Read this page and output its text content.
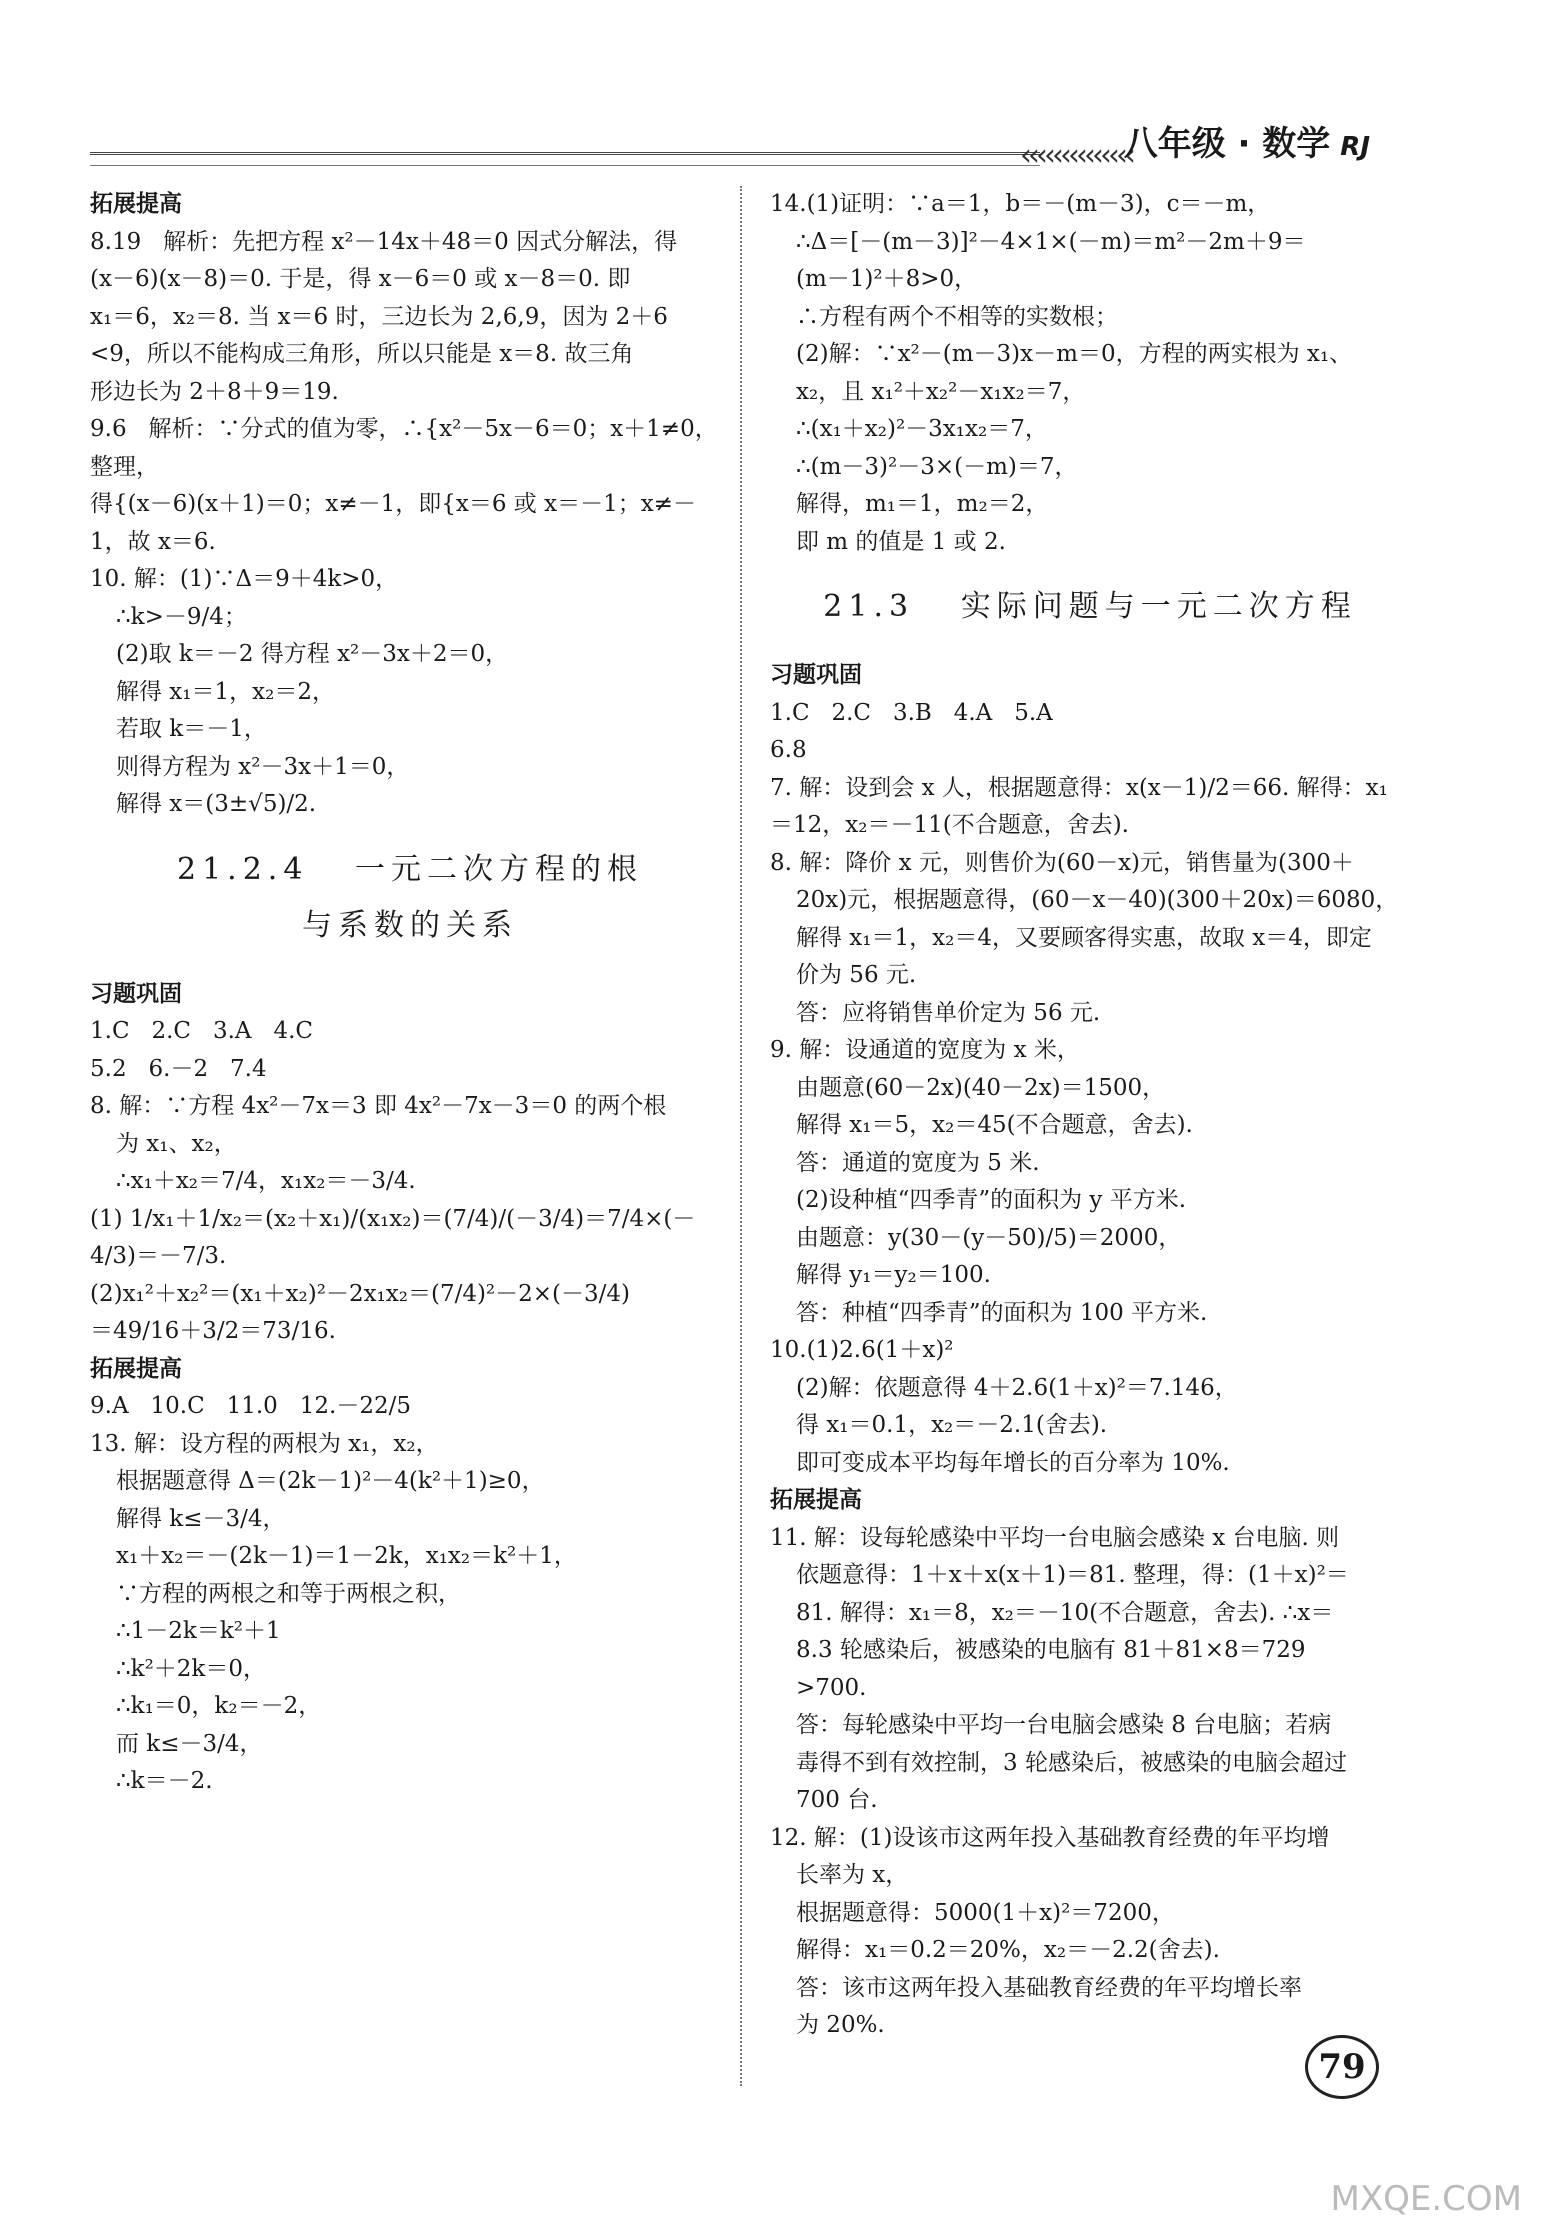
‹‹‹‹‹‹‹‹‹‹‹‹‹‹
八年级 · 数学 RJ
拓展提高
8.19   解析：先把方程 x²－14x＋48＝0 因式分解法，得
(x－6)(x－8)＝0. 于是，得 x－6＝0 或 x－8＝0. 即
x₁＝6，x₂＝8. 当 x＝6 时，三边长为 2,6,9，因为 2＋6
<9，所以不能构成三角形，所以只能是 x＝8. 故三角
形边长为 2＋8＋9＝19.
9.6   解析：∵分式的值为零，∴{x²－5x－6＝0；x＋1≠0，整理，
得{(x－6)(x＋1)＝0；x≠－1，即{x＝6 或 x＝－1；x≠－1，故 x＝6.
10. 解：(1)∵Δ＝9＋4k>0，
∴k>－9/4；
(2)取 k＝－2 得方程 x²－3x＋2＝0，
解得 x₁＝1，x₂＝2，
若取 k＝－1，
则得方程为 x²－3x＋1＝0，
解得 x＝(3±√5)/2.
21.2.4   一元二次方程的根
与系数的关系
习题巩固
1.C   2.C   3.A   4.C
5.2   6.－2   7.4
8. 解：∵方程 4x²－7x＝3 即 4x²－7x－3＝0 的两个根
为 x₁、x₂，
∴x₁＋x₂＝7/4，x₁x₂＝－3/4.
(1) 1/x₁＋1/x₂＝(x₂＋x₁)/(x₁x₂)＝(7/4)/(－3/4)＝7/4×(－4/3)＝－7/3.
(2)x₁²＋x₂²＝(x₁＋x₂)²－2x₁x₂＝(7/4)²－2×(－3/4)
＝49/16＋3/2＝73/16.
拓展提高
9.A   10.C   11.0   12.－22/5
13. 解：设方程的两根为 x₁，x₂，
根据题意得 Δ＝(2k－1)²－4(k²＋1)≥0，
解得 k≤－3/4，
x₁＋x₂＝－(2k－1)＝1－2k，x₁x₂＝k²＋1，
∵方程的两根之和等于两根之积，
∴1－2k＝k²＋1
∴k²＋2k＝0，
∴k₁＝0，k₂＝－2，
而 k≤－3/4，
∴k＝－2.
14.(1)证明：∵a＝1，b＝－(m－3)，c＝－m，
∴Δ＝[－(m－3)]²－4×1×(－m)＝m²－2m＋9＝
(m－1)²＋8>0，
∴方程有两个不相等的实数根；
(2)解：∵x²－(m－3)x－m＝0，方程的两实根为 x₁、
x₂，且 x₁²＋x₂²－x₁x₂＝7，
∴(x₁＋x₂)²－3x₁x₂＝7，
∴(m－3)²－3×(－m)＝7，
解得，m₁＝1，m₂＝2，
即 m 的值是 1 或 2.
21.3   实际问题与一元二次方程
习题巩固
1.C   2.C   3.B   4.A   5.A
6.8
7. 解：设到会 x 人，根据题意得：x(x－1)/2＝66. 解得：x₁
＝12，x₂＝－11(不合题意，舍去).
8. 解：降价 x 元，则售价为(60－x)元，销售量为(300＋
20x)元，根据题意得，(60－x－40)(300＋20x)＝6080，
解得 x₁＝1，x₂＝4，又要顾客得实惠，故取 x＝4，即定
价为 56 元.
答：应将销售单价定为 56 元.
9. 解：设通道的宽度为 x 米，
由题意(60－2x)(40－2x)＝1500，
解得 x₁＝5，x₂＝45(不合题意，舍去).
答：通道的宽度为 5 米.
(2)设种植“四季青”的面积为 y 平方米.
由题意：y(30－(y－50)/5)＝2000，
解得 y₁＝y₂＝100.
答：种植“四季青”的面积为 100 平方米.
10.(1)2.6(1＋x)²
(2)解：依题意得 4＋2.6(1＋x)²＝7.146，
得 x₁＝0.1，x₂＝－2.1(舍去).
即可变成本平均每年增长的百分率为 10%.
拓展提高
11. 解：设每轮感染中平均一台电脑会感染 x 台电脑. 则
依题意得：1＋x＋x(x＋1)＝81. 整理，得：(1＋x)²＝
81. 解得：x₁＝8，x₂＝－10(不合题意，舍去). ∴x＝
8.3 轮感染后，被感染的电脑有 81＋81×8＝729
>700.
答：每轮感染中平均一台电脑会感染 8 台电脑；若病
毒得不到有效控制，3 轮感染后，被感染的电脑会超过
700 台.
12. 解：(1)设该市这两年投入基础教育经费的年平均增
长率为 x，
根据题意得：5000(1＋x)²＝7200，
解得：x₁＝0.2＝20%，x₂＝－2.2(舍去).
答：该市这两年投入基础教育经费的年平均增长率
为 20%.
79
MXQE.COM
